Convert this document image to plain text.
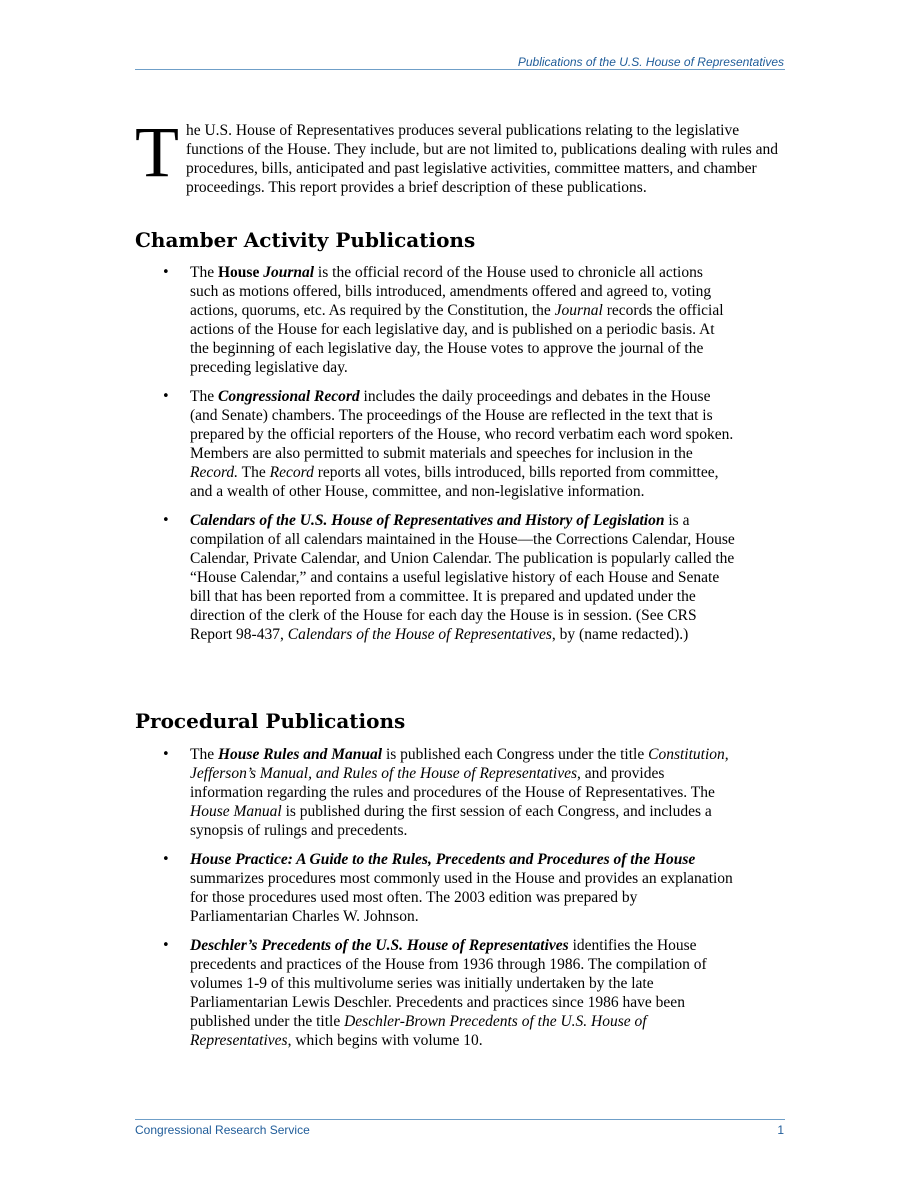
Publications of the U.S. House of Representatives
The U.S. House of Representatives produces several publications relating to the legislative functions of the House. They include, but are not limited to, publications dealing with rules and procedures, bills, anticipated and past legislative activities, committee matters, and chamber proceedings. This report provides a brief description of these publications.
Chamber Activity Publications
• The House Journal is the official record of the House used to chronicle all actions such as motions offered, bills introduced, amendments offered and agreed to, voting actions, quorums, etc. As required by the Constitution, the Journal records the official actions of the House for each legislative day, and is published on a periodic basis. At the beginning of each legislative day, the House votes to approve the journal of the preceding legislative day.
• The Congressional Record includes the daily proceedings and debates in the House (and Senate) chambers. The proceedings of the House are reflected in the text that is prepared by the official reporters of the House, who record verbatim each word spoken. Members are also permitted to submit materials and speeches for inclusion in the Record. The Record reports all votes, bills introduced, bills reported from committee, and a wealth of other House, committee, and non-legislative information.
• Calendars of the U.S. House of Representatives and History of Legislation is a compilation of all calendars maintained in the House—the Corrections Calendar, House Calendar, Private Calendar, and Union Calendar. The publication is popularly called the “House Calendar,” and contains a useful legislative history of each House and Senate bill that has been reported from a committee. It is prepared and updated under the direction of the clerk of the House for each day the House is in session. (See CRS Report 98-437, Calendars of the House of Representatives, by (name redacted).)
Procedural Publications
• The House Rules and Manual is published each Congress under the title Constitution, Jefferson’s Manual, and Rules of the House of Representatives, and provides information regarding the rules and procedures of the House of Representatives. The House Manual is published during the first session of each Congress, and includes a synopsis of rulings and precedents.
• House Practice: A Guide to the Rules, Precedents and Procedures of the House summarizes procedures most commonly used in the House and provides an explanation for those procedures used most often. The 2003 edition was prepared by Parliamentarian Charles W. Johnson.
• Deschler’s Precedents of the U.S. House of Representatives identifies the House precedents and practices of the House from 1936 through 1986. The compilation of volumes 1-9 of this multivolume series was initially undertaken by the late Parliamentarian Lewis Deschler. Precedents and practices since 1986 have been published under the title Deschler-Brown Precedents of the U.S. House of Representatives, which begins with volume 10.
Congressional Research Service	1
